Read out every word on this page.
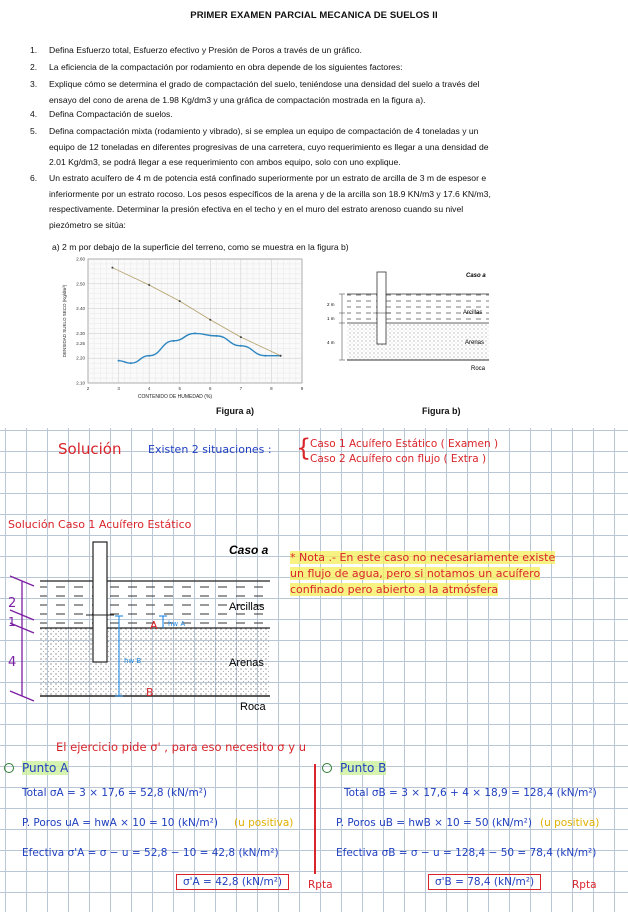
PRIMER EXAMEN PARCIAL MECANICA DE SUELOS II
1. Defina Esfuerzo total, Esfuerzo efectivo y Presión de Poros a través de un gráfico.
2. La eficiencia de la compactación por rodamiento en obra depende de los siguientes factores:
3. Explique cómo se determina el grado de compactación del suelo, teniéndose una densidad del suelo a través del
ensayo del cono de arena de 1.98 Kg/dm3 y una gráfica de compactación mostrada en la figura a).
4. Defina Compactación de suelos.
5. Defina compactación mixta (rodamiento y vibrado), si se emplea un equipo de compactación de 4 toneladas y un
equipo de 12 toneladas en diferentes progresivas de una carretera, cuyo requerimiento es llegar a una densidad de
2.01 Kg/dm3, se podrá llegar a ese requerimiento con ambos equipo, solo con uno explique.
6. Un estrato acuífero de 4 m de potencia está confinado superiormente por un estrato de arcilla de 3 m de espesor e
inferiormente por un estrato rocoso. Los pesos específicos de la arena y de la arcilla son 18.9 KN/m3 y 17.6 KN/m3,
respectivamente. Determinar la presión efectiva en el techo y en el muro del estrato arenoso cuando su nivel
piezómetro se sitúa:
a) 2 m por debajo de la superficie del terreno, como se muestra en la figura b)
2	3	4	5	6	7	8	9
2.10
2.20
2.26
2.30
2.40
2.50
2.60
CONTENIDO DE HUMEDAD (%)
DENSIDAD SUELO SECO (Kg/dm³)
Figura a)
2 m
1 m
4 m
Caso a
Arcillas
Arenas
Roca
Figura b)
Solución Existen 2 situaciones : {
Caso 1 Acuífero Estático ( Examen )
Caso 2 Acuífero con flujo ( Extra )
Solución Caso 1 Acuífero Estático
Caso a
Arcillas
Arenas
Roca
2
1
4
hw A
hw B
A
B
* Nota .- En este caso no necesariamente existe
un flujo de agua, pero si notamos un acuífero
confinado pero abierto a la atmósfera
El ejercicio pide σ' , para eso necesito σ y u
Punto A
Total σA = 3 × 17,6 = 52,8 (kN/m²)
P. Poros uA = hwA × 10 = 10 (kN/m²) (u positiva)
Efectiva σ'A = σ − u = 52,8 − 10 = 42,8 (kN/m²)
σ'A = 42,8 (kN/m²)	Rpta
Punto B
Total σB = 3 × 17,6 + 4 × 18,9 = 128,4 (kN/m²)
P. Poros uB = hwB × 10 = 50 (kN/m²) (u positiva)
Efectiva σB = σ − u = 128,4 − 50 = 78,4 (kN/m²)
σ'B = 78,4 (kN/m²)	Rpta
